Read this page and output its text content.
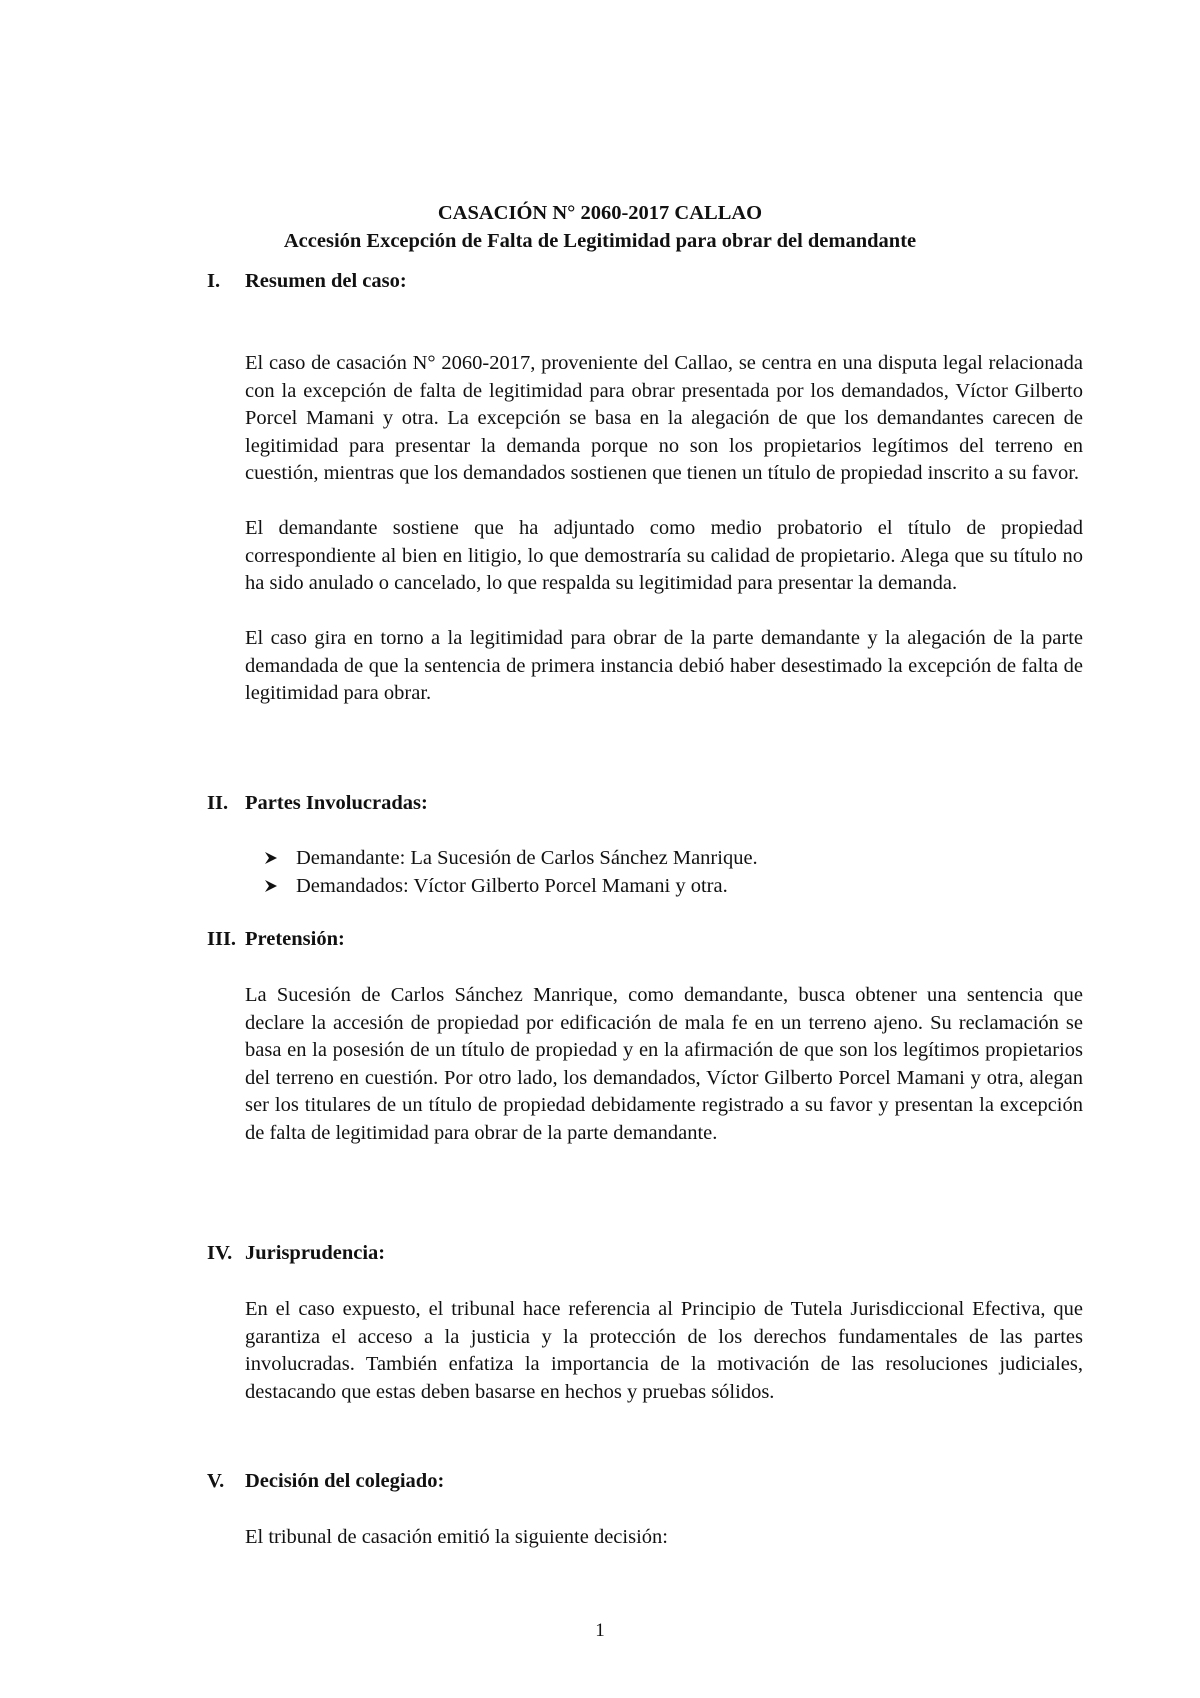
CASACIÓN N° 2060-2017 CALLAO

Accesión Excepción de Falta de Legitimidad para obrar del demandante

I.	Resumen del caso:

El caso de casación N° 2060-2017, proveniente del Callao, se centra en una disputa legal relacionada con la excepción de falta de legitimidad para obrar presentada por los demandados, Víctor Gilberto Porcel Mamani y otra. La excepción se basa en la alegación de que los demandantes carecen de legitimidad para presentar la demanda porque no son los propietarios legítimos del terreno en cuestión, mientras que los demandados sostienen que tienen un título de propiedad inscrito a su favor.

El demandante sostiene que ha adjuntado como medio probatorio el título de propiedad correspondiente al bien en litigio, lo que demostraría su calidad de propietario. Alega que su título no ha sido anulado o cancelado, lo que respalda su legitimidad para presentar la demanda.

El caso gira en torno a la legitimidad para obrar de la parte demandante y la alegación de la parte demandada de que la sentencia de primera instancia debió haber desestimado la excepción de falta de legitimidad para obrar.

II. Partes Involucradas:

Demandante: La Sucesión de Carlos Sánchez Manrique.
Demandados: Víctor Gilberto Porcel Mamani y otra.

III. Pretensión:

La Sucesión de Carlos Sánchez Manrique, como demandante, busca obtener una sentencia que declare la accesión de propiedad por edificación de mala fe en un terreno ajeno. Su reclamación se basa en la posesión de un título de propiedad y en la afirmación de que son los legítimos propietarios del terreno en cuestión. Por otro lado, los demandados, Víctor Gilberto Porcel Mamani y otra, alegan ser los titulares de un título de propiedad debidamente registrado a su favor y presentan la excepción de falta de legitimidad para obrar de la parte demandante.

IV. Jurisprudencia:

En el caso expuesto, el tribunal hace referencia al Principio de Tutela Jurisdiccional Efectiva, que garantiza el acceso a la justicia y la protección de los derechos fundamentales de las partes involucradas. También enfatiza la importancia de la motivación de las resoluciones judiciales, destacando que estas deben basarse en hechos y pruebas sólidos.

V.	Decisión del colegiado:

El tribunal de casación emitió la siguiente decisión:

1
